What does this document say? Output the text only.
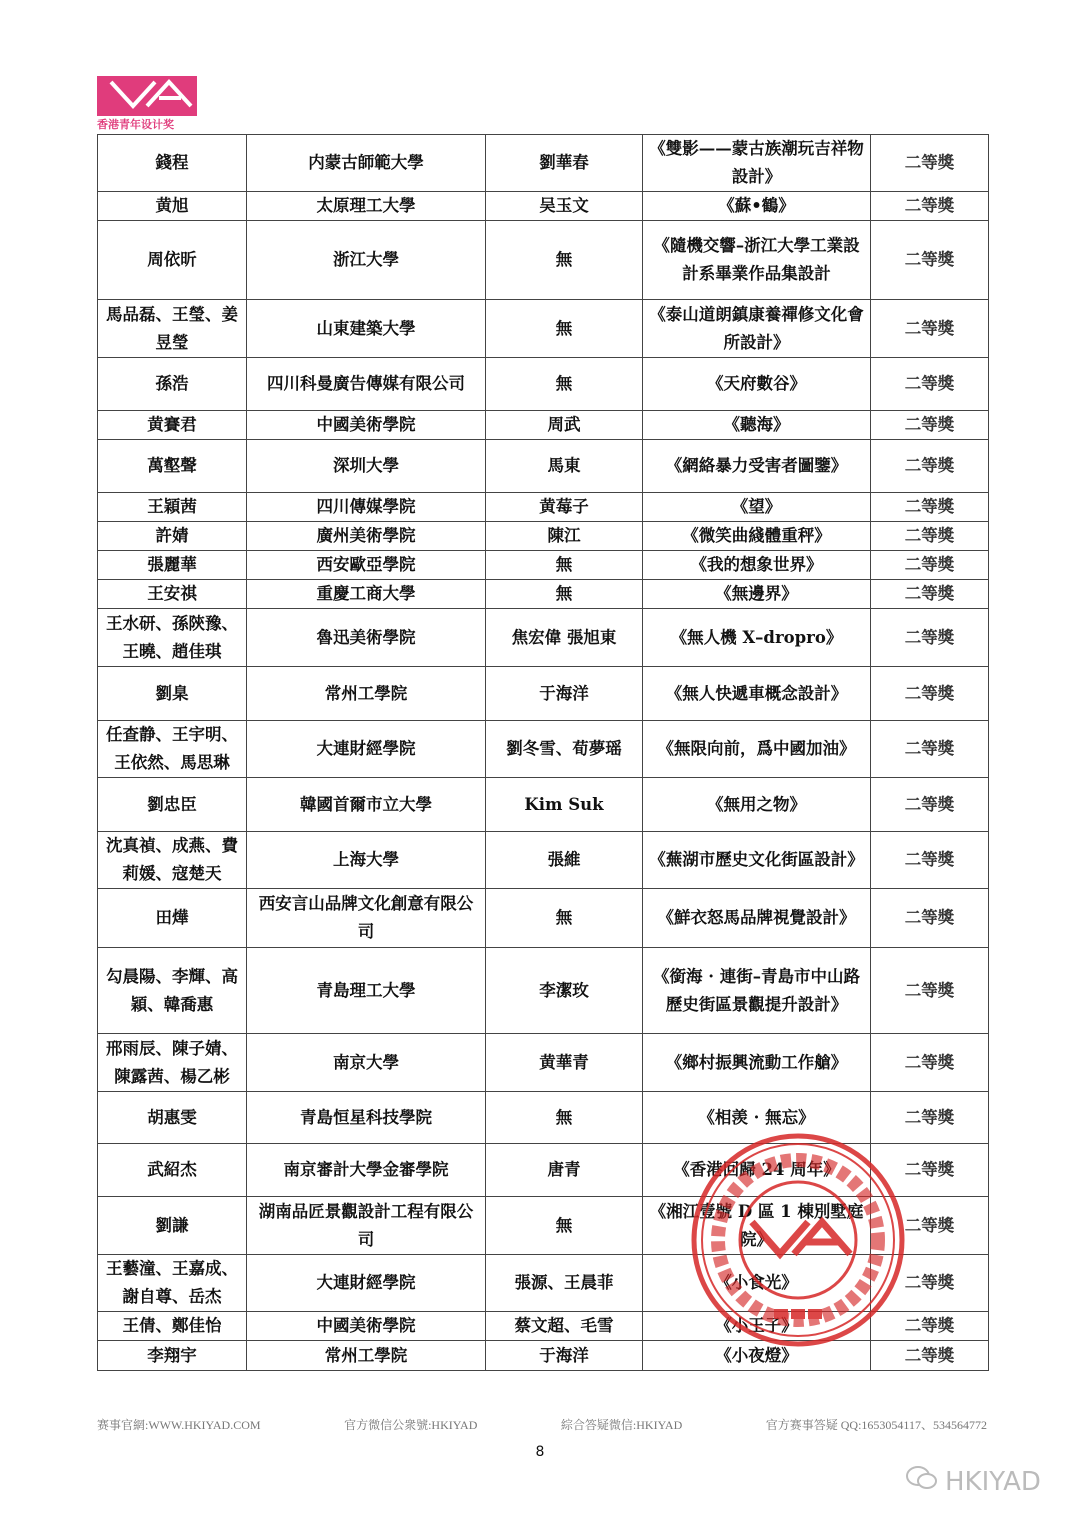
香港青年设计奖
錢程	内蒙古師範大學	劉華春	《雙影——蒙古族潮玩吉祥物設計》	二等獎
黄旭	太原理工大學	吴玉文	《蘇•鶴》	二等獎
周依昕	浙江大學	無	《隨機交響–浙江大學工業設計系畢業作品集設計	二等獎
馬品磊、王瑩、姜昱瑩	山東建築大學	無	《泰山道朗鎮康養禪修文化會所設計》	二等獎
孫浩	四川科曼廣告傳媒有限公司	無	《天府數谷》	二等獎
黄賽君	中國美術學院	周武	《聽海》	二等獎
萬壑聲	深圳大學	馬東	《網絡暴力受害者圖鑒》	二等獎
王穎茜	四川傳媒學院	黄莓子	《望》	二等獎
許婧	廣州美術學院	陳江	《微笑曲綫體重秤》	二等獎
張麗華	西安歐亞學院	無	《我的想象世界》	二等獎
王安祺	重慶工商大學	無	《無邊界》	二等獎
王水研、孫陝豫、王曉、趙佳琪	魯迅美術學院	焦宏偉 張旭東	《無人機 X–dropro》	二等獎
劉臬	常州工學院	于海洋	《無人快遞車概念設計》	二等獎
任查静、王宇明、王依然、馬思琳	大連財經學院	劉冬雪、荀夢瑶	《無限向前，爲中國加油》	二等獎
劉忠臣	韓國首爾市立大學	Kim Suk	《無用之物》	二等獎
沈真禎、成燕、費莉媛、寇楚天	上海大學	張維	《蕪湖市歷史文化街區設計》	二等獎
田燁	西安言山品牌文化創意有限公司	無	《鮮衣怒馬品牌視覺設計》	二等獎
勾晨陽、李輝、高穎、韓喬惠	青島理工大學	李潔玫	《銜海 · 連街–青島市中山路歷史街區景觀提升設計》	二等獎
邢雨辰、陳子婧、陳露茜、楊乙彬	南京大學	黄華青	《鄉村振興流動工作艙》	二等獎
胡惠雯	青島恒星科技學院	無	《相羡 · 無忘》	二等獎
武紹杰	南京審計大學金審學院	唐青	《香港回歸 24 周年》	二等獎
劉謙	湖南品匠景觀設計工程有限公司	無	《湘江壹號 D 區 1 棟別墅庭院》	二等獎
王藝潼、王嘉成、謝自尊、岳杰	大連財經學院	張源、王晨菲	《小食光》	二等獎
王倩、鄭佳怡	中國美術學院	蔡文超、毛雪	《小王子》	二等獎
李翔宇	常州工學院	于海洋	《小夜燈》	二等獎
赛事官網:WWW.HKIYAD.COM	官方微信公衆號:HKIYAD	綜合答疑微信:HKIYAD	官方赛事答疑 QQ:1653054117、534564772
8
HKIYAD
